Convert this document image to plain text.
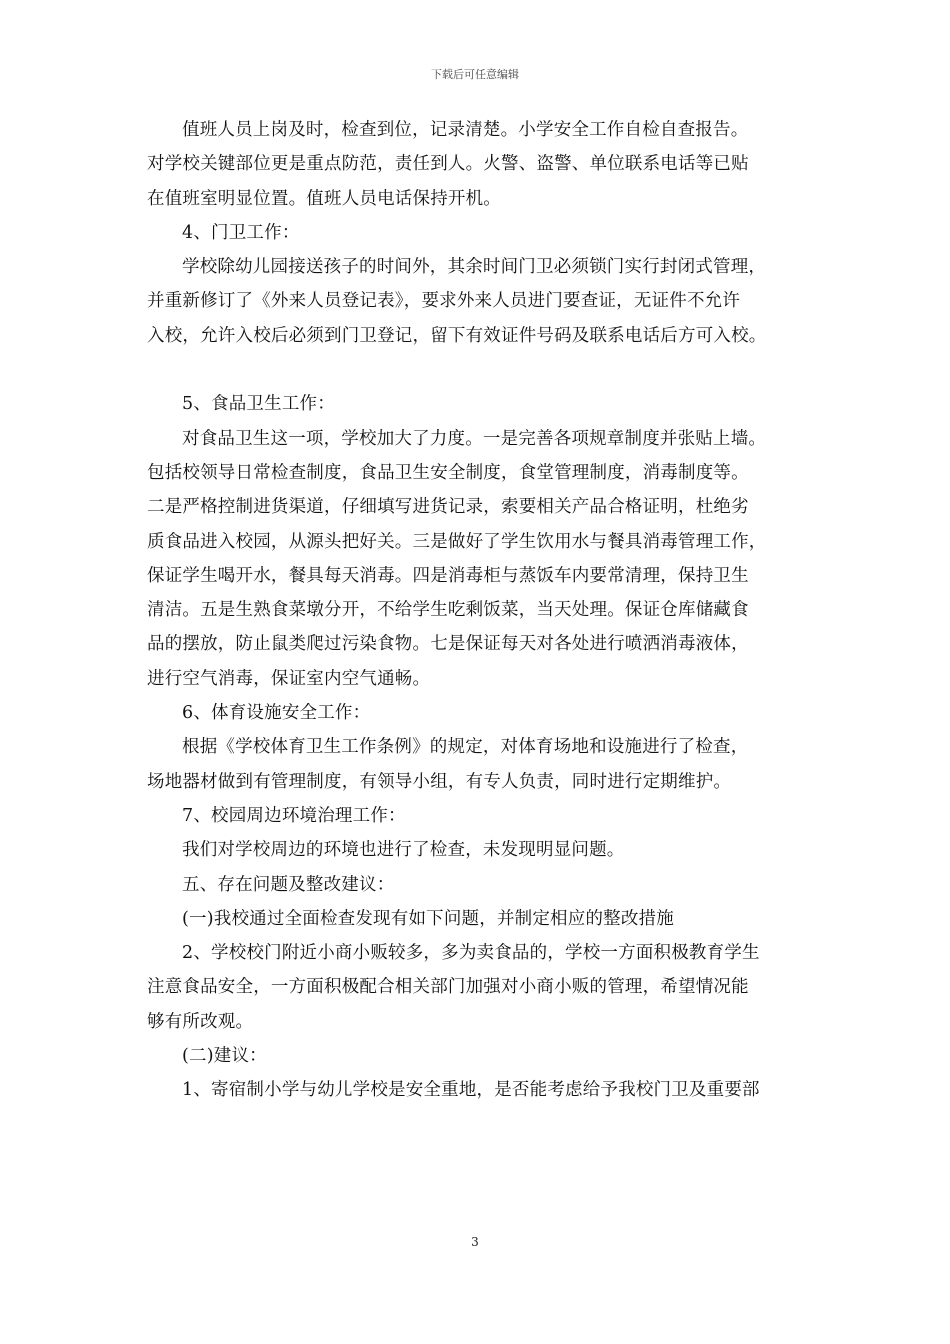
下载后可任意编辑
值班人员上岗及时，检查到位，记录清楚。小学安全工作自检自查报告。
对学校关键部位更是重点防范，责任到人。火警、盗警、单位联系电话等已贴
在值班室明显位置。值班人员电话保持开机。
4、门卫工作：
学校除幼儿园接送孩子的时间外，其余时间门卫必须锁门实行封闭式管理，
并重新修订了《外来人员登记表》，要求外来人员进门要查证，无证件不允许
入校，允许入校后必须到门卫登记，留下有效证件号码及联系电话后方可入校。
5、食品卫生工作：
对食品卫生这一项，学校加大了力度。一是完善各项规章制度并张贴上墙。
包括校领导日常检查制度，食品卫生安全制度，食堂管理制度，消毒制度等。
二是严格控制进货渠道，仔细填写进货记录，索要相关产品合格证明，杜绝劣
质食品进入校园，从源头把好关。三是做好了学生饮用水与餐具消毒管理工作，
保证学生喝开水，餐具每天消毒。四是消毒柜与蒸饭车内要常清理，保持卫生
清洁。五是生熟食菜墩分开，不给学生吃剩饭菜，当天处理。保证仓库储藏食
品的摆放，防止鼠类爬过污染食物。七是保证每天对各处进行喷洒消毒液体，
进行空气消毒，保证室内空气通畅。
6、体育设施安全工作：
根据《学校体育卫生工作条例》的规定，对体育场地和设施进行了检查，
场地器材做到有管理制度，有领导小组，有专人负责，同时进行定期维护。
7、校园周边环境治理工作：
我们对学校周边的环境也进行了检查，未发现明显问题。
五、存在问题及整改建议：
(一)我校通过全面检查发现有如下问题，并制定相应的整改措施
2、学校校门附近小商小贩较多，多为卖食品的，学校一方面积极教育学生
注意食品安全，一方面积极配合相关部门加强对小商小贩的管理，希望情况能
够有所改观。
(二)建议：
1、寄宿制小学与幼儿学校是安全重地，是否能考虑给予我校门卫及重要部
3
